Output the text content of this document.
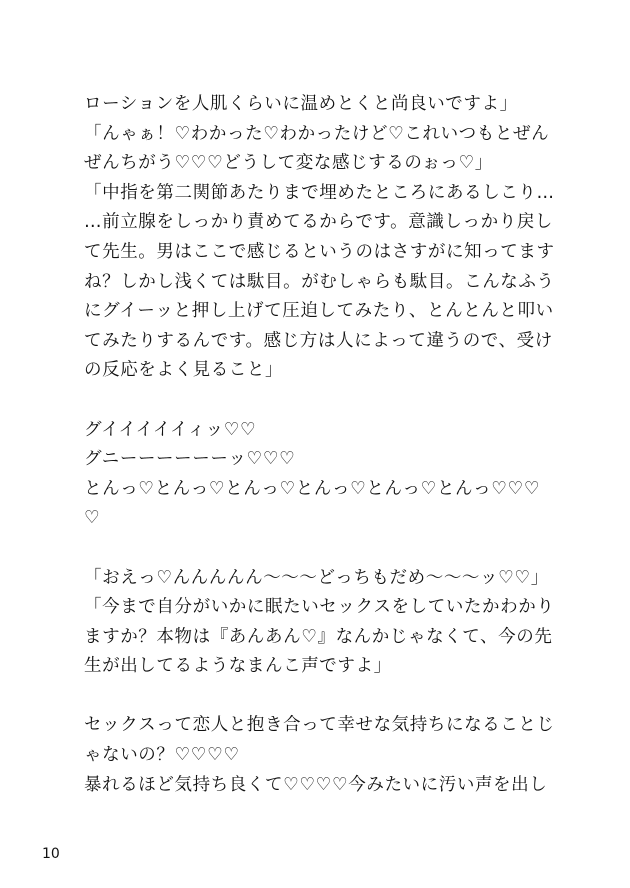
ローションを人肌くらいに温めとくと尚良いですよ」
「んゃぁ！♡わかった♡わかったけど♡これいつもとぜん
ぜんちがう♡♡♡どうして変な感じするのぉっ♡」
「中指を第二関節あたりまで埋めたところにあるしこり…
…前立腺をしっかり責めてるからです。意識しっかり戻し
て先生。男はここで感じるというのはさすがに知ってます
ね？しかし浅くては駄目。がむしゃらも駄目。こんなふう
にグイーッと押し上げて圧迫してみたり、とんとんと叩い
てみたりするんです。感じ方は人によって違うので、受け
の反応をよく見ること」
グイイイイイィッ♡♡
グニーーーーーーッ♡♡♡
とんっ♡とんっ♡とんっ♡とんっ♡とんっ♡とんっ♡♡♡
♡
「おえっ♡んんんんん〜〜〜どっちもだめ〜〜〜ッ♡♡」
「今まで自分がいかに眠たいセックスをしていたかわかり
ますか？本物は『あんあん♡』なんかじゃなくて、今の先
生が出してるようなまんこ声ですよ」
セックスって恋人と抱き合って幸せな気持ちになることじ
ゃないの？♡♡♡♡
暴れるほど気持ち良くて♡♡♡♡今みたいに汚い声を出し
10
